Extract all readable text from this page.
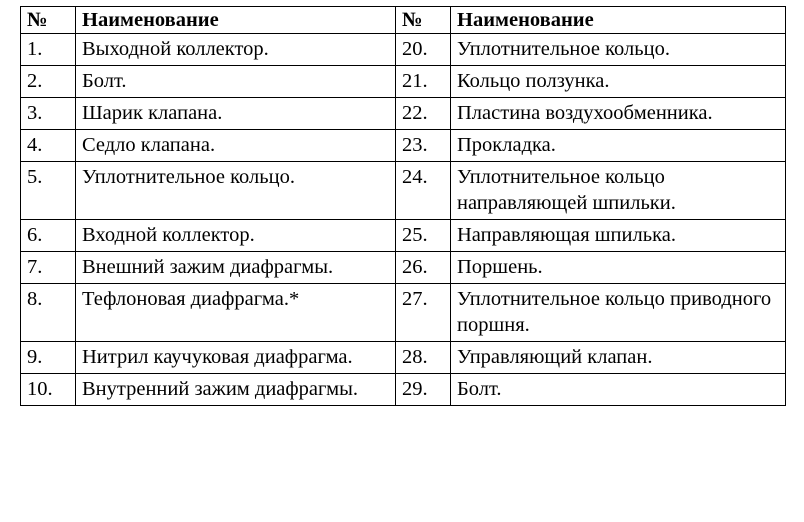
№	Наименование	№	Наименование
1.	Выходной коллектор.	20.	Уплотнительное кольцо.
2.	Болт.	21.	Кольцо ползунка.
3.	Шарик клапана.	22.	Пластина воздухообменника.
4.	Седло клапана.	23.	Прокладка.
5.	Уплотнительное кольцо.	24.	Уплотнительное кольцо направляющей шпильки.
6.	Входной коллектор.	25.	Направляющая шпилька.
7.	Внешний зажим диафрагмы.	26.	Поршень.
8.	Тефлоновая диафрагма.*	27.	Уплотнительное кольцо приводного поршня.
9.	Нитрил каучуковая диафрагма.	28.	Управляющий клапан.
10.	Внутренний зажим диафрагмы.	29.	Болт.
